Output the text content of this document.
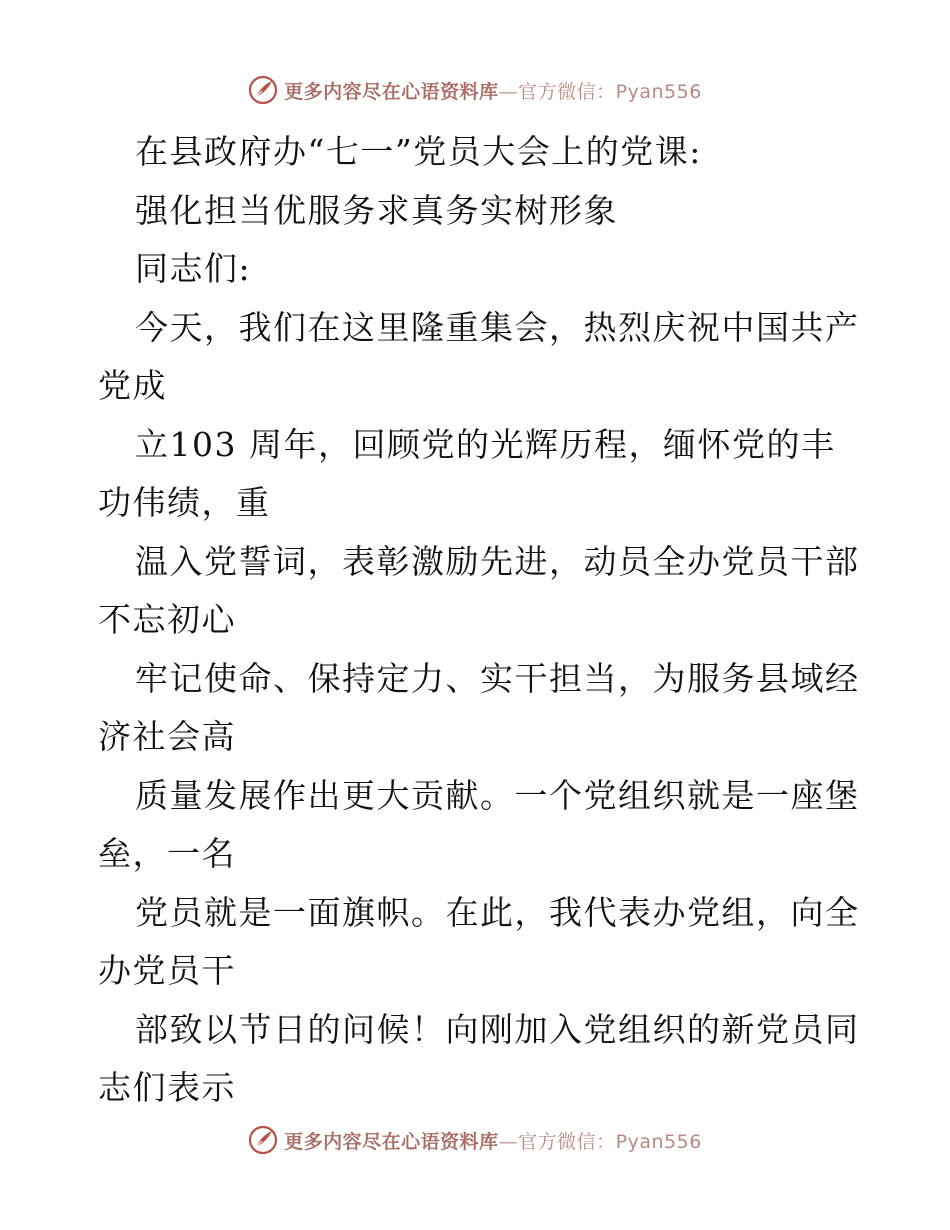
更多内容尽在心语资料库—官方微信：Pyan556
在县政府办“七一”党员大会上的党课:
强化担当优服务求真务实树形象
同志们:
今天，我们在这里隆重集会，热烈庆祝中国共产
党成
立103 周年，回顾党的光辉历程，缅怀党的丰
功伟绩，重
温入党誓词，表彰激励先进，动员全办党员干部
不忘初心
牢记使命、保持定力、实干担当，为服务县域经
济社会高
质量发展作出更大贡献。一个党组织就是一座堡
垒，一名
党员就是一面旗帜。在此，我代表办党组，向全
办党员干
部致以节日的问候！向刚加入党组织的新党员同
志们表示
更多内容尽在心语资料库—官方微信：Pyan556
